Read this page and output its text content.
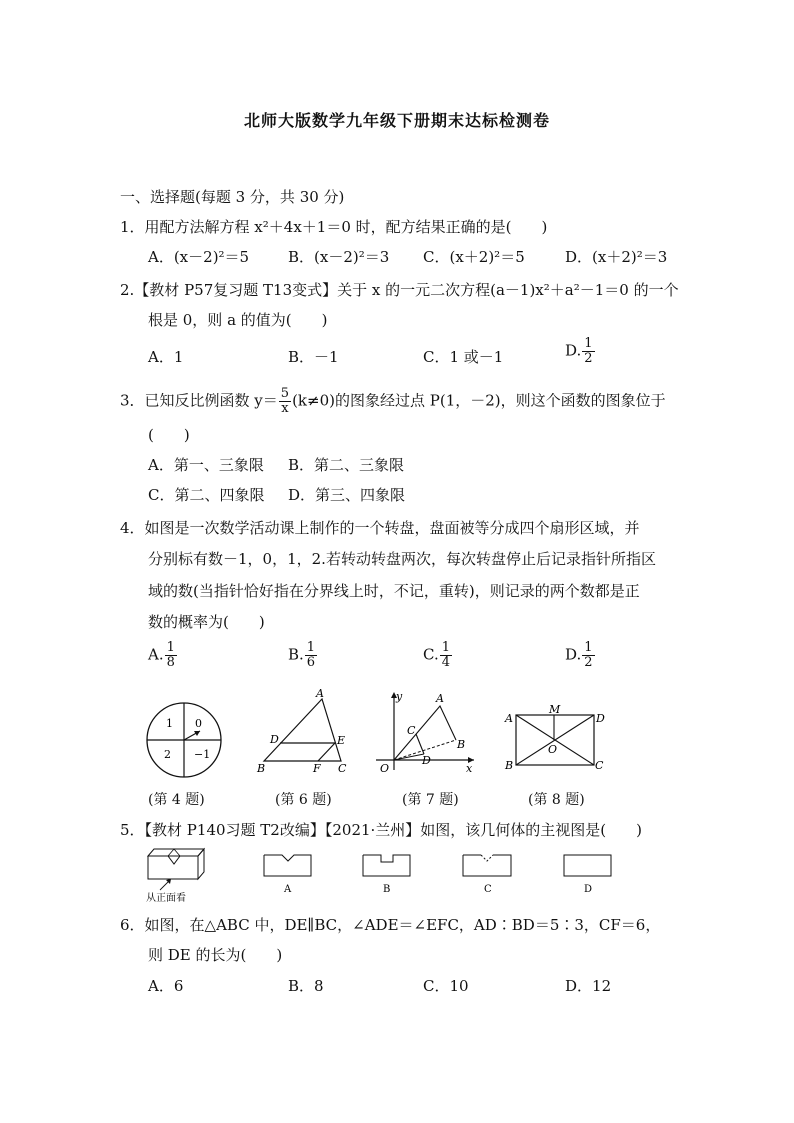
北师大版数学九年级下册期末达标检测卷
一、选择题(每题 3 分，共 30 分)
1．用配方法解方程 x²＋4x＋1＝0 时，配方结果正确的是(　　)
A．(x－2)²＝5	B．(x－2)²＝3 C．(x＋2)²＝5	D．(x＋2)²＝3
2.【教材 P57复习题 T13变式】关于 x 的一元二次方程(a－1)x²＋a²－1＝0 的一个
根是 0，则 a 的值为(　　)
A．1	B．－1	C．1 或－1	D. $\frac{1}{2}$
3．已知反比例函数 $y= \frac{5}{x} (k\ne 0)$的图象经过点 P(1，－2)，则这个函数的图象位于
(　　)
A．第一、三象限 B．第二、三象限
C．第二、四象限 D．第三、四象限
4．如图是一次数学活动课上制作的一个转盘，盘面被等分成四个扇形区域，并
分别标有数－1，0，1，2.若转动转盘两次，每次转盘停止后记录指针所指区
域的数(当指针恰好指在分界线上时，不记，重转)，则记录的两个数都是正
数的概率为(　　)
A. $\frac{1}{8}$	B. $\frac{1}{6}$	C. $\frac{1}{4}$	D. $\frac{1}{2}$
1 0
2 −1
(第 4 题)
A
D	E
B	F C
(第 6 题)
y	A
C
B
D
O	x
(第 7 题)
A
M
D
O
B	C
(第 8 题)
5．【教材 P140习题 T2改编】【2021·兰州】如图，该几何体的主视图是(　　)
从正面看
A	B	C	D
6．如图，在△ABC 中，DE∥BC，∠ADE＝∠EFC，AD∶BD＝5∶3，CF＝6，
则 DE 的长为(　　)
A．6	B．8	C．10	D．12
